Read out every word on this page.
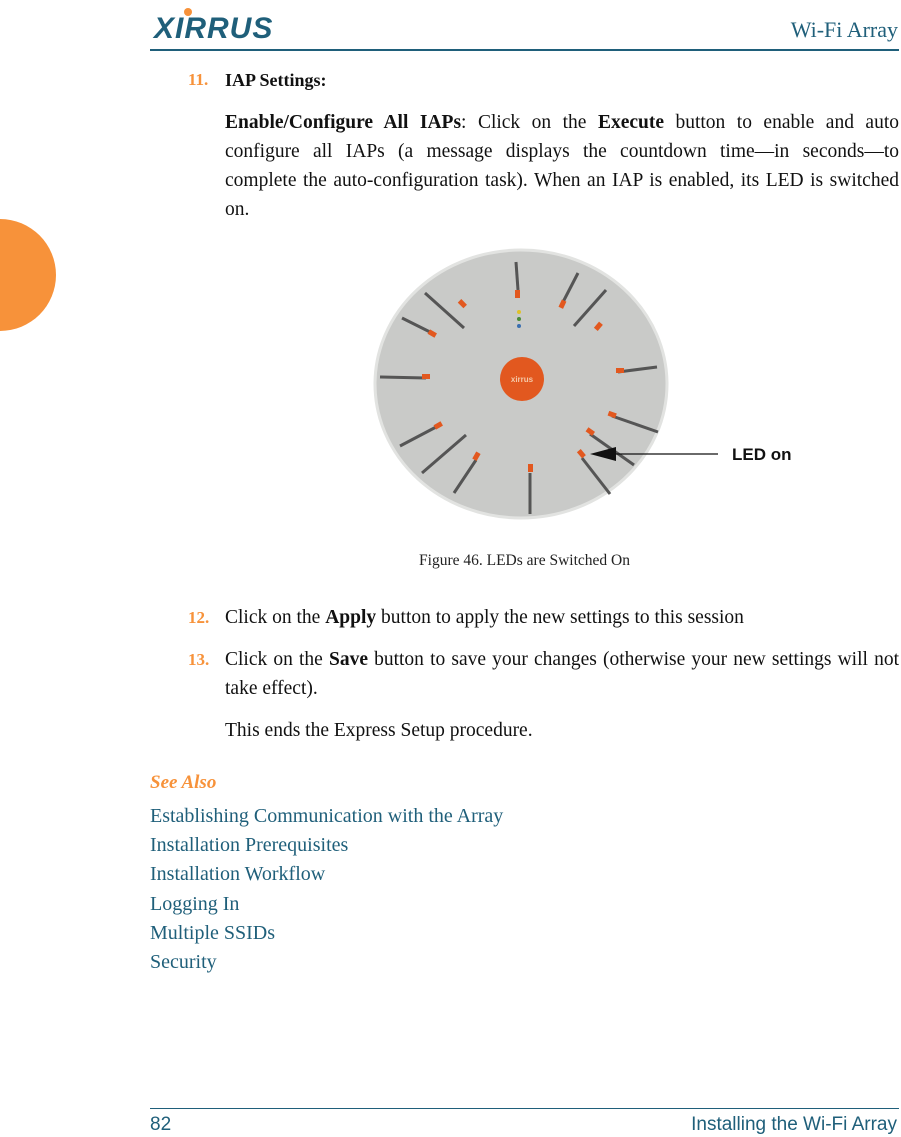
XIRRUS	Wi-Fi Array
11. IAP Settings:
Enable/Configure All IAPs: Click on the Execute button to enable and auto configure all IAPs (a message displays the countdown time—in seconds—to complete the auto-configuration task). When an IAP is enabled, its LED is switched on.
xirrus
LED on
Figure 46. LEDs are Switched On
12. Click on the Apply button to apply the new settings to this session
13. Click on the Save button to save your changes (otherwise your new settings will not take effect).
This ends the Express Setup procedure.
See Also
Establishing Communication with the Array
Installation Prerequisites
Installation Workflow
Logging In
Multiple SSIDs
Security
82	Installing the Wi-Fi Array
